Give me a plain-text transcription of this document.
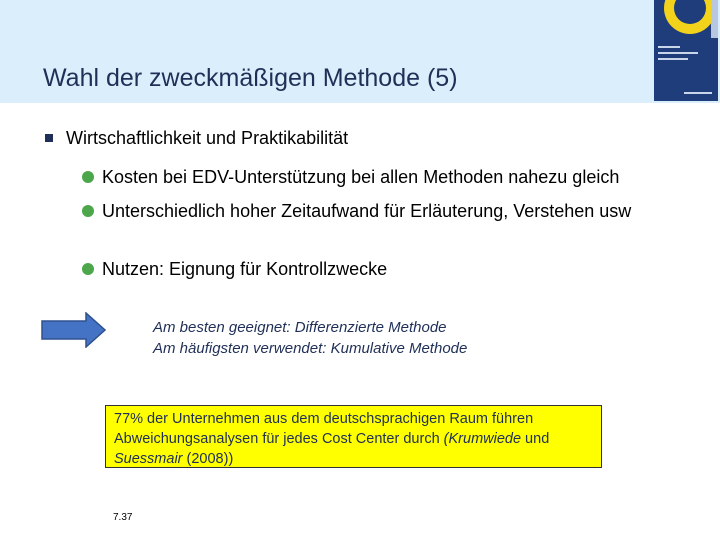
Wahl der zweckmäßigen Methode (5)
Wirtschaftlichkeit und Praktikabilität
Kosten bei EDV-Unterstützung bei allen Methoden nahezu gleich
Unterschiedlich hoher Zeitaufwand für Erläuterung, Verstehen usw
Nutzen: Eignung für Kontrollzwecke
Am besten geeignet: Differenzierte Methode
Am häufigsten verwendet: Kumulative Methode
77% der Unternehmen aus dem deutschsprachigen Raum führen Abweichungsanalysen für jedes Cost Center durch (Krumwiede und Suessmair (2008))
7.37
